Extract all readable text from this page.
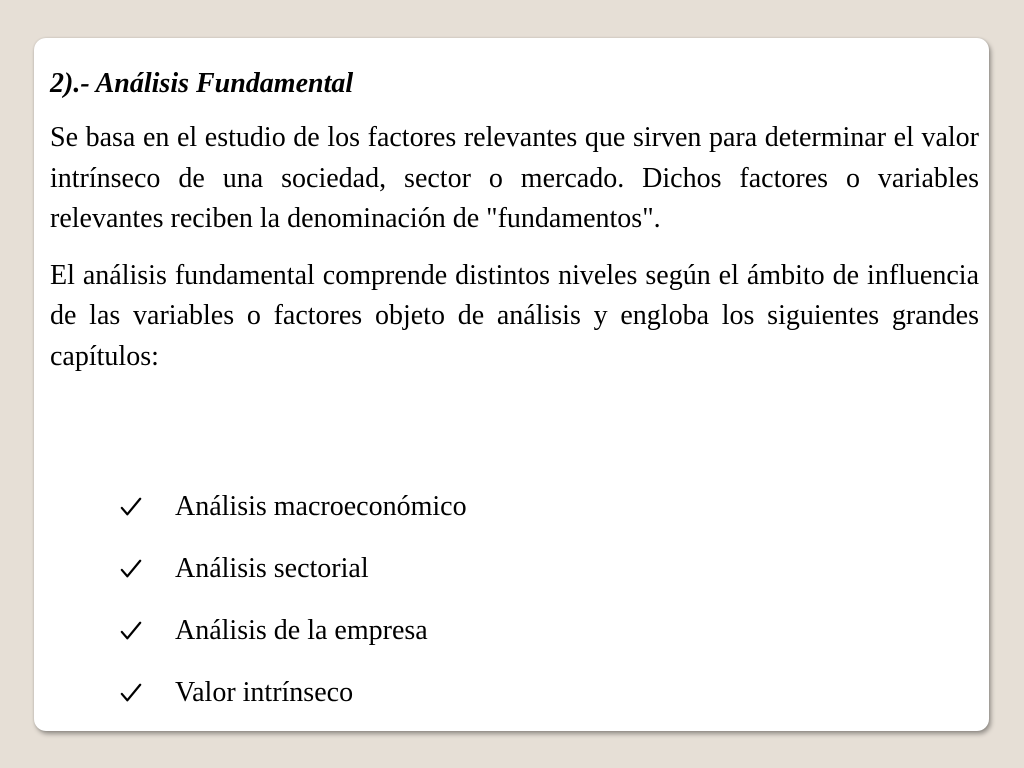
2).- Análisis Fundamental

Se basa en el estudio de los factores relevantes que sirven para determinar el valor intrínseco de una sociedad, sector o mercado. Dichos factores o variables relevantes reciben la denominación de "fundamentos".

El análisis fundamental comprende distintos niveles según el ámbito de influencia de las variables o factores objeto de análisis y engloba los siguientes grandes capítulos:

Análisis macroeconómico
Análisis sectorial
Análisis de la empresa
Valor intrínseco
